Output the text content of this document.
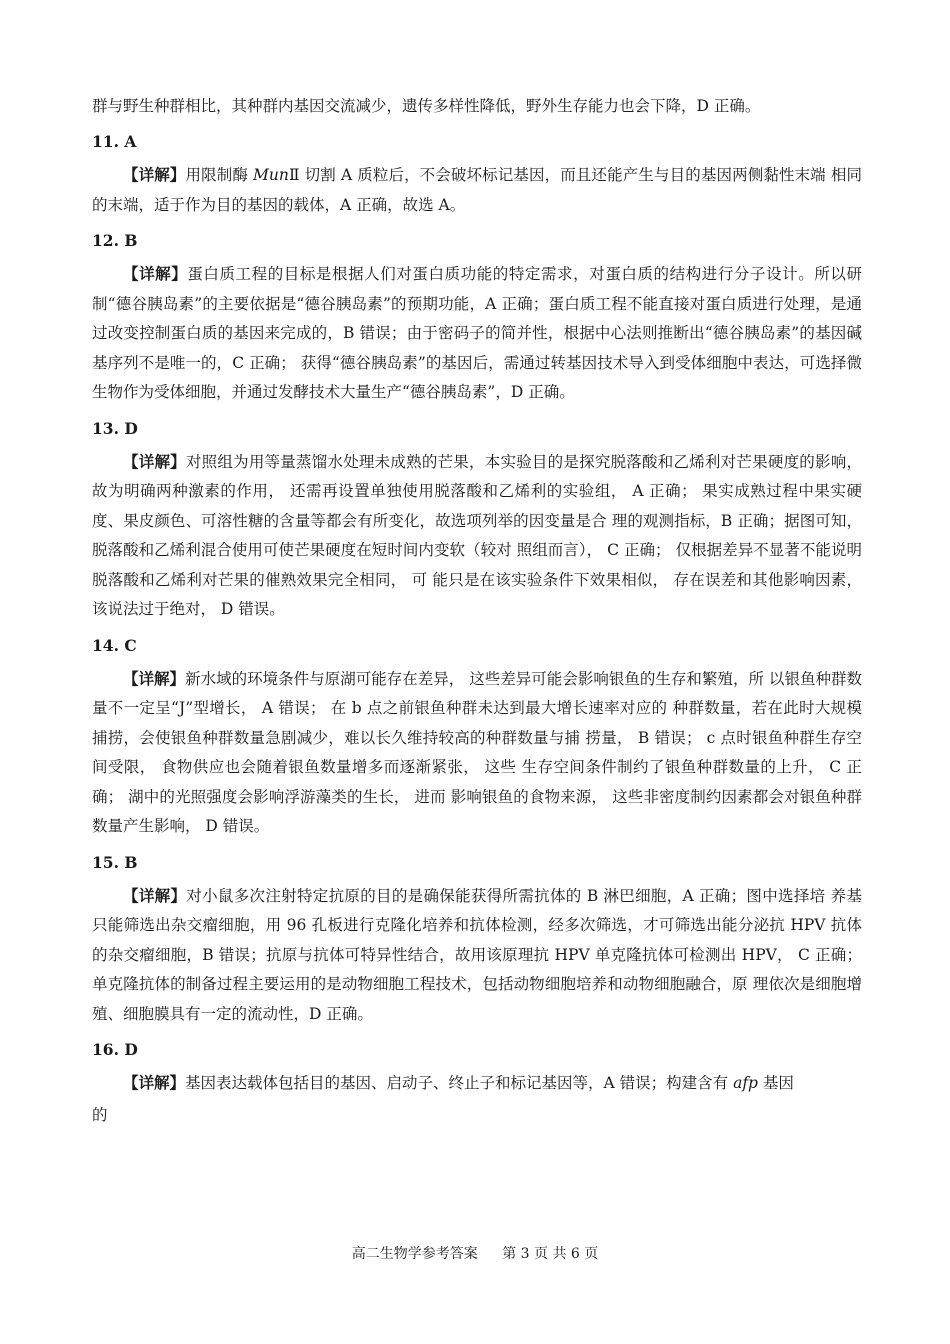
群与野生种群相比，其种群内基因交流减少，遗传多样性降低，野外生存能力也会下降，D 正确。
11. A

【详解】用限制酶 MunⅡ 切割 A 质粒后，不会破坏标记基因，而且还能产生与目的基因两侧黏性末端 相同的末端，适于作为目的基因的载体，A 正确，故选 A。

12. B

【详解】蛋白质工程的目标是根据人们对蛋白质功能的特定需求，对蛋白质的结构进行分子设计。所以研制“德谷胰岛素”的主要依据是“德谷胰岛素”的预期功能，A 正确；蛋白质工程不能直接对蛋白质进行处理，是通过改变控制蛋白质的基因来完成的，B 错误；由于密码子的简并性，根据中心法则推断出“德谷胰岛素”的基因碱基序列不是唯一的，C 正确； 获得“德谷胰岛素”的基因后，需通过转基因技术导入到受体细胞中表达，可选择微生物作为受体细胞，并通过发酵技术大量生产“德谷胰岛素”，D 正确。

13. D

【详解】对照组为用等量蒸馏水处理未成熟的芒果，本实验目的是探究脱落酸和乙烯利对芒果硬度的影响， 故为明确两种激素的作用， 还需再设置单独使用脱落酸和乙烯利的实验组， A 正确； 果实成熟过程中果实硬度、果皮颜色、可溶性糖的含量等都会有所变化，故选项列举的因变量是合 理的观测指标，B 正确；据图可知，脱落酸和乙烯利混合使用可使芒果硬度在短时间内变软（较对 照组而言）， C 正确； 仅根据差异不显著不能说明脱落酸和乙烯利对芒果的催熟效果完全相同， 可 能只是在该实验条件下效果相似， 存在误差和其他影响因素， 该说法过于绝对， D 错误。

14. C

【详解】新水域的环境条件与原湖可能存在差异， 这些差异可能会影响银鱼的生存和繁殖，所 以银鱼种群数量不一定呈“J”型增长， A 错误； 在 b 点之前银鱼种群未达到最大增长速率对应的 种群数量，若在此时大规模捕捞，会使银鱼种群数量急剧减少，难以长久维持较高的种群数量与捕 捞量， B 错误； c 点时银鱼种群生存空间受限， 食物供应也会随着银鱼数量增多而逐渐紧张， 这些 生存空间条件制约了银鱼种群数量的上升， C 正确； 湖中的光照强度会影响浮游藻类的生长， 进而 影响银鱼的食物来源， 这些非密度制约因素都会对银鱼种群数量产生影响， D 错误。

15. B

【详解】对小鼠多次注射特定抗原的目的是确保能获得所需抗体的 B 淋巴细胞，A 正确；图中选择培 养基只能筛选出杂交瘤细胞，用 96 孔板进行克隆化培养和抗体检测，经多次筛选，才可筛选出能分泌抗 HPV 抗体的杂交瘤细胞，B 错误；抗原与抗体可特异性结合，故用该原理抗 HPV 单克隆抗体可检测出 HPV， C 正确；单克隆抗体的制备过程主要运用的是动物细胞工程技术，包括动物细胞培养和动物细胞融合，原 理依次是细胞增殖、细胞膜具有一定的流动性，D 正确。

16. D

【详解】基因表达载体包括目的基因、启动子、终止子和标记基因等，A 错误；构建含有 afp 基因

的

高二生物学参考答案 第 3 页 共 6 页
